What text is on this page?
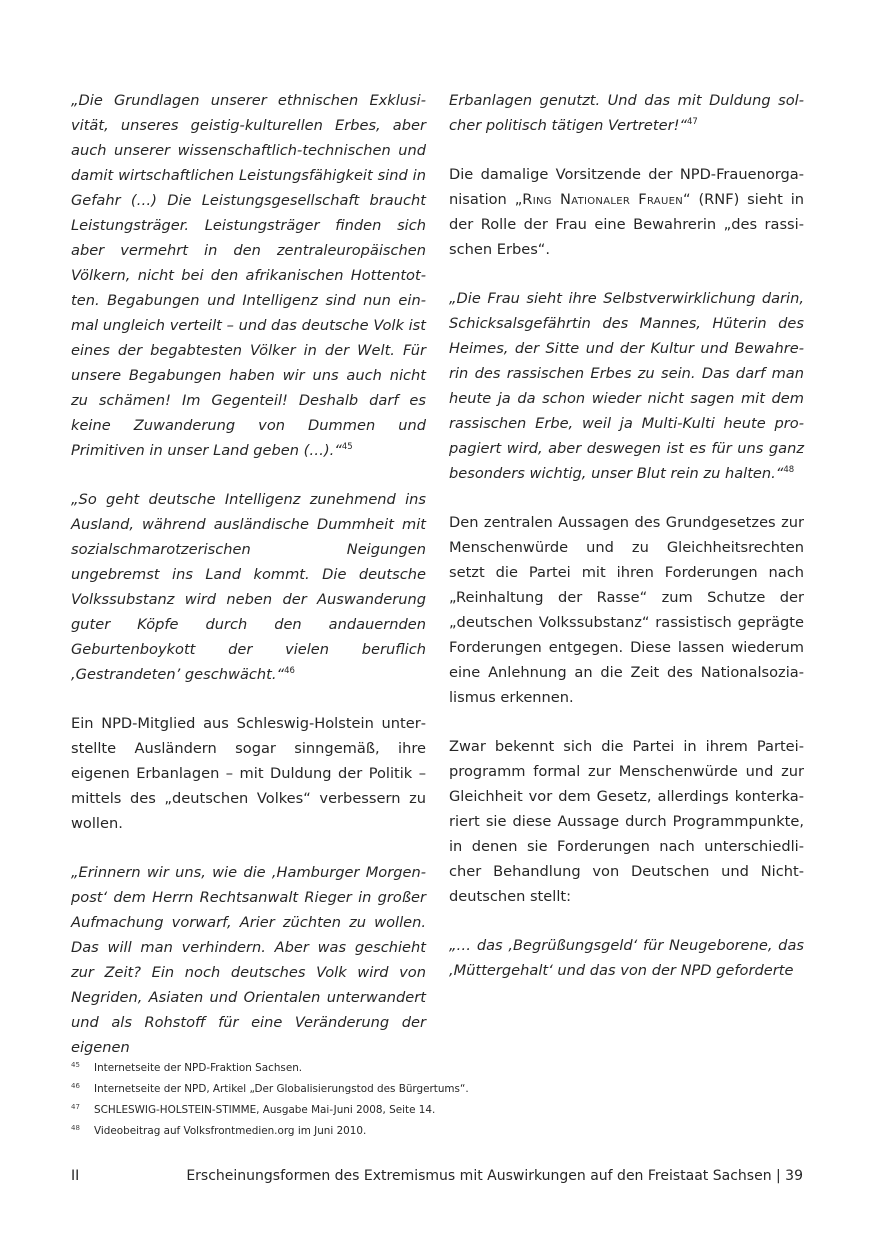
„Die Grundlagen unserer ethnischen Exklusivität, unseres geistig-kulturellen Erbes, aber auch unserer wissenschaftlich-technischen und damit wirtschaftlichen Leistungsfähigkeit sind in Gefahr (…) Die Leistungsgesellschaft braucht Leistungsträger. Leistungsträger finden sich aber vermehrt in den zentraleuropäischen Völkern, nicht bei den afrikanischen Hottentotten. Begabungen und Intelligenz sind nun einmal ungleich verteilt – und das deutsche Volk ist eines der begabtesten Völker in der Welt. Für unsere Begabungen haben wir uns auch nicht zu schämen! Im Gegenteil! Deshalb darf es keine Zuwanderung von Dummen und Primitiven in unser Land geben (…).“$^{45}$

„So geht deutsche Intelligenz zunehmend ins Ausland, während ausländische Dummheit mit sozialschmarotzerischen Neigungen ungebremst ins Land kommt. Die deutsche Volkssubstanz wird neben der Auswanderung guter Köpfe durch den andauernden Geburtenboykott der vielen beruflich ‚Gestrandeten’ geschwächt.“$^{46}$

Ein NPD-Mitglied aus Schleswig-Holstein unterstellte Ausländern sogar sinngemäß, ihre eigenen Erbanlagen – mit Duldung der Politik – mittels des „deutschen Volkes“ verbessern zu wollen.

„Erinnern wir uns, wie die ‚Hamburger Morgenpost‘ dem Herrn Rechtsanwalt Rieger in großer Aufmachung vorwarf, Arier züchten zu wollen. Das will man verhindern. Aber was geschieht zur Zeit? Ein noch deutsches Volk wird von Negriden, Asiaten und Orientalen unterwandert und als Rohstoff für eine Veränderung der eigenen

Erbanlagen genutzt. Und das mit Duldung solcher politisch tätigen Vertreter!“$^{47}$

Die damalige Vorsitzende der NPD-Frauenorganisation „Ring Nationaler Frauen“ (RNF) sieht in der Rolle der Frau eine Bewahrerin „des rassischen Erbes“.

„Die Frau sieht ihre Selbstverwirklichung darin, Schicksalsgefährtin des Mannes, Hüterin des Heimes, der Sitte und der Kultur und Bewahrerin des rassischen Erbes zu sein. Das darf man heute ja da schon wieder nicht sagen mit dem rassischen Erbe, weil ja Multi-Kulti heute propagiert wird, aber deswegen ist es für uns ganz besonders wichtig, unser Blut rein zu halten.“$^{48}$

Den zentralen Aussagen des Grundgesetzes zur Menschenwürde und zu Gleichheitsrechten setzt die Partei mit ihren Forderungen nach „Reinhaltung der Rasse“ zum Schutze der „deutschen Volkssubstanz“ rassistisch geprägte Forderungen entgegen. Diese lassen wiederum eine Anlehnung an die Zeit des Nationalsozialismus erkennen.

Zwar bekennt sich die Partei in ihrem Parteiprogramm formal zur Menschenwürde und zur Gleichheit vor dem Gesetz, allerdings konterkariert sie diese Aussage durch Programmpunkte, in denen sie Forderungen nach unterschiedlicher Behandlung von Deutschen und Nichtdeutschen stellt:

„… das ‚Begrüßungsgeld‘ für Neugeborene, das ‚Müttergehalt‘ und das von der NPD geforderte

45 Internetseite der NPD-Fraktion Sachsen.
46 Internetseite der NPD, Artikel „Der Globalisierungstod des Bürgertums“.
47 SCHLESWIG-HOLSTEIN-STIMME, Ausgabe Mai-Juni 2008, Seite 14.
48 Videobeitrag auf Volksfrontmedien.org im Juni 2010.
II	Erscheinungsformen des Extremismus mit Auswirkungen auf den Freistaat Sachsen | 39
